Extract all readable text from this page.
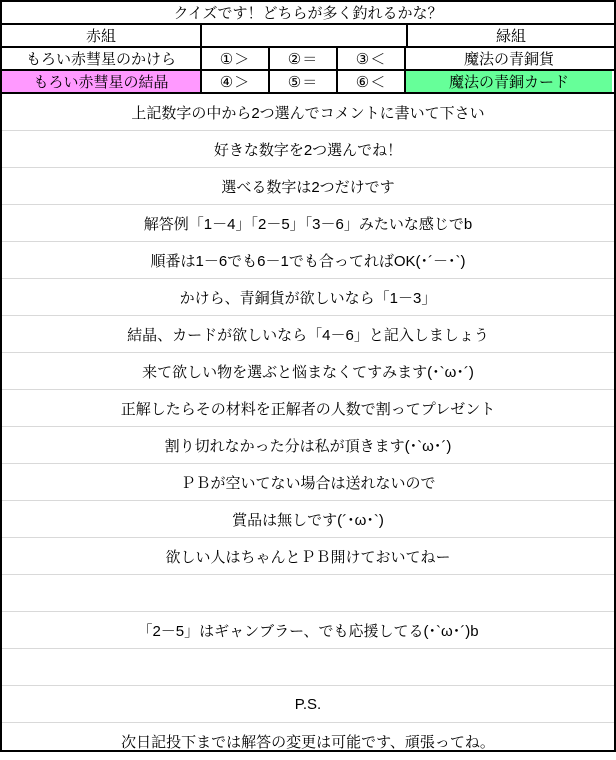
クイズです！どちらが多く釣れるかな？
赤組	緑組
もろい赤彗星のかけら	①＞	②＝	③＜	魔法の青銅貨
もろい赤彗星の結晶	④＞	⑤＝	⑥＜	魔法の青銅カード
上記数字の中から2つ選んでコメントに書いて下さい
好きな数字を2つ選んでね！
選べる数字は2つだけです
解答例「1－4」「2－5」「3－6」みたいな感じでb
順番は1－6でも6－1でも合ってればOK(･´－･`)
かけら、青銅貨が欲しいなら「1－3」
結晶、カードが欲しいなら「4－6」と記入しましょう
来て欲しい物を選ぶと悩まなくてすみます(･`ω･´)
正解したらその材料を正解者の人数で割ってプレゼント
割り切れなかった分は私が頂きます(･`ω･´)
ＰＢが空いてない場合は送れないので
賞品は無しです(´･ω･`)
欲しい人はちゃんとＰＢ開けておいてねー
「2－5」はギャンブラー、でも応援してる(･`ω･´)b
P.S.
次日記投下までは解答の変更は可能です、頑張ってね。
